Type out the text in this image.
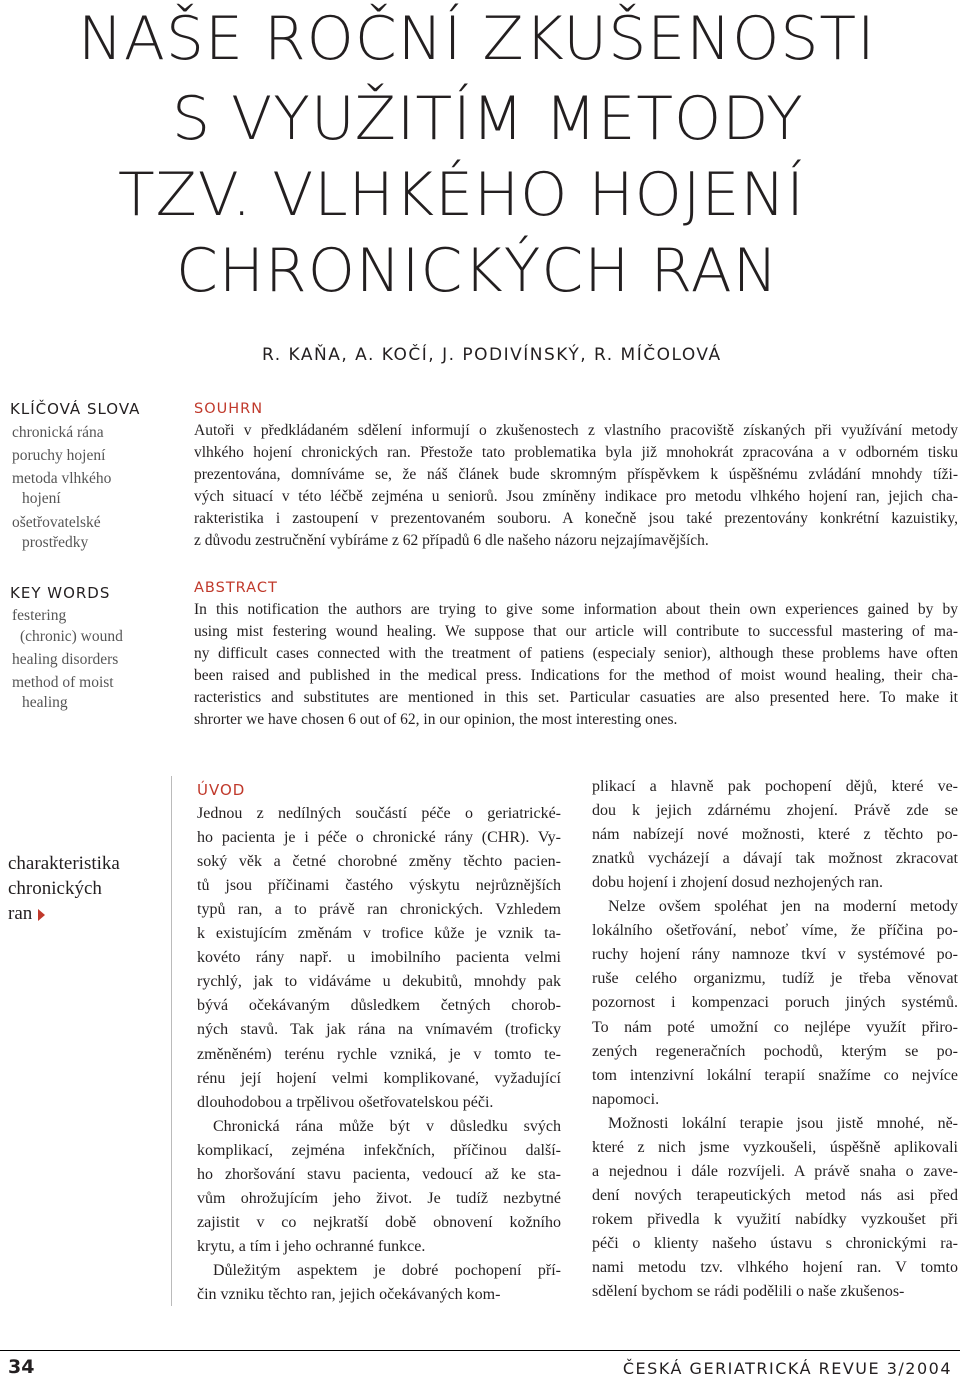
NAŠE ROČNÍ ZKUŠENOSTI
S VYUŽITÍM METODY
TZV. VLHKÉHO HOJENÍ
CHRONICKÝCH RAN
R. KAŇA, A. KOČÍ, J. PODIVÍNSKÝ, R. MÍČOLOVÁ
KLÍČOVÁ SLOVA
chronická rána
poruchy hojení
metoda vlhkého
hojení
ošetřovatelské
prostředky
KEY WORDS
festering
(chronic) wound
healing disorders
method of moist
healing
SOUHRN
Autoři v předkládaném sdělení informují o zkušenostech z vlastního pracoviště získaných při využívání metody
vlhkého hojení chronických ran. Přestože tato problematika byla již mnohokrát zpracována a v odborném tisku
prezentována, domníváme se, že náš článek bude skromným příspěvkem k úspěšnému zvládání mnohdy tíži-
vých situací v této léčbě zejména u seniorů. Jsou zmíněny indikace pro metodu vlhkého hojení ran, jejich cha-
rakteristika i zastoupení v prezentovaném souboru. A konečně jsou také prezentovány konkrétní kazuistiky,
z důvodu zestručnění vybíráme z 62 případů 6 dle našeho názoru nejzajímavějších.
ABSTRACT
In this notification the authors are trying to give some information about thein own experiences gained by by
using mist festering wound healing. We suppose that our article will contribute to successful mastering of ma-
ny difficult cases connected with the treatment of patiens (especialy senior), although these problems have often
been raised and published in the medical press. Indications for the method of moist wound healing, their cha-
racteristics and substitutes are mentioned in this set. Particular casuaties are also presented here. To make it
shrorter we have chosen 6 out of 62, in our opinion, the most interesting ones.
charakteristika
chronických
ran
ÚVOD
Jednou z nedílných součástí péče o geriatrické-
ho pacienta je i péče o chronické rány (CHR). Vy-
soký věk a četné chorobné změny těchto pacien-
tů jsou příčinami častého výskytu nejrůznějších
typů ran, a to právě ran chronických. Vzhledem
k existujícím změnám v trofice kůže je vznik ta-
kovéto rány např. u imobilního pacienta velmi
rychlý, jak to vidáváme u dekubitů, mnohdy pak
bývá očekávaným důsledkem četných chorob-
ných stavů. Tak jak rána na vnímavém (troficky
změněném) terénu rychle vzniká, je v tomto te-
rénu její hojení velmi komplikované, vyžadující
dlouhodobou a trpělivou ošetřovatelskou péči.
Chronická rána může být v důsledku svých
komplikací, zejména infekčních, příčinou další-
ho zhoršování stavu pacienta, vedoucí až ke sta-
vům ohrožujícím jeho život. Je tudíž nezbytné
zajistit v co nejkratší době obnovení kožního
krytu, a tím i jeho ochranné funkce.
Důležitým aspektem je dobré pochopení pří-
čin vzniku těchto ran, jejich očekávaných kom-
plikací a hlavně pak pochopení dějů, které ve-
dou k jejich zdárnému zhojení. Právě zde se
nám nabízejí nové možnosti, které z těchto po-
znatků vycházejí a dávají tak možnost zkracovat
dobu hojení i zhojení dosud nezhojených ran.
Nelze ovšem spoléhat jen na moderní metody
lokálního ošetřování, neboť víme, že příčina po-
ruchy hojení rány namnoze tkví v systémové po-
ruše celého organizmu, tudíž je třeba věnovat
pozornost i kompenzaci poruch jiných systémů.
To nám poté umožní co nejlépe využít přiro-
zených regeneračních pochodů, kterým se po-
tom intenzivní lokální terapií snažíme co nejvíce
napomoci.
Možnosti lokální terapie jsou jistě mnohé, ně-
které z nich jsme vyzkoušeli, úspěšně aplikovali
a nejednou i dále rozvíjeli. A právě snaha o zave-
dení nových terapeutických metod nás asi před
rokem přivedla k využití nabídky vyzkoušet při
péči o klienty našeho ústavu s chronickými ra-
nami metodu tzv. vlhkého hojení ran. V tomto
sdělení bychom se rádi podělili o naše zkušenos-
34	ČESKÁ GERIATRICKÁ REVUE 3/2004
